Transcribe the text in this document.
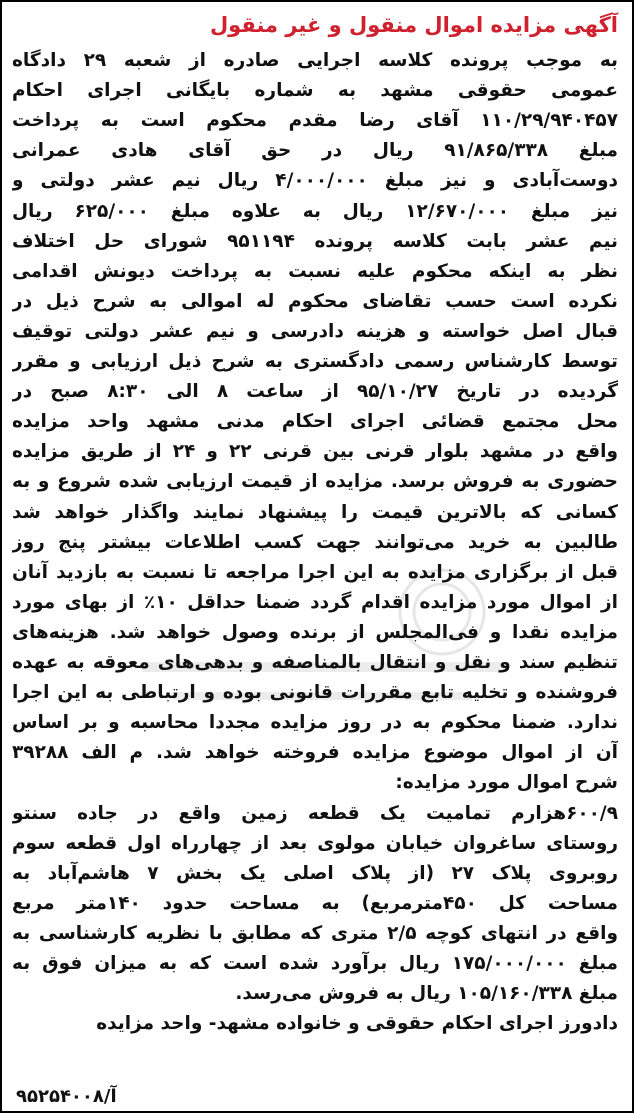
آگهی مزایده اموال منقول و غیر منقول

به موجب پرونده کلاسه اجرایی صادره از شعبه ۲۹ دادگاه

عمومی حقوقی مشهد به شماره بایگانی اجرای احکام

۱۱۰/۲۹/۹۴۰۴۵۷ آقای رضا مقدم محکوم است به پرداخت

مبلغ ۹۱/۸۶۵/۳۳۸ ریال در حق آقای هادی عمرانی

دوست‌آبادی و نیز مبلغ ۴/۰۰۰/۰۰۰ ریال نیم عشر دولتی و

نیز مبلغ ۱۲/۶۷۰/۰۰۰ ریال به علاوه مبلغ ۶۲۵/۰۰۰ ریال

نیم عشر بابت کلاسه پرونده ۹۵۱۱۹۴ شورای حل اختلاف

نظر به اینکه محکوم علیه نسبت به پرداخت دیونش اقدامی

نکرده است حسب تقاضای محکوم له اموالی به شرح ذیل در

قبال اصل خواسته و هزینه دادرسی و نیم عشر دولتی توقیف

توسط کارشناس رسمی دادگستری به شرح ذیل ارزیابی و مقرر

گردیده در تاریخ ۹۵/۱۰/۲۷ از ساعت ۸ الی ۸:۳۰ صبح در

محل مجتمع قضائی اجرای احکام مدنی مشهد واحد مزایده

واقع در مشهد بلوار قرنی بین قرنی ۲۲ و ۲۴ از طریق مزایده

حضوری به فروش برسد. مزایده از قیمت ارزیابی شده شروع و به

کسانی که بالاترین قیمت را پیشنهاد نمایند واگذار خواهد شد

طالبین به خرید می‌توانند جهت کسب اطلاعات بیشتر پنج روز

قبل از برگزاری مزایده به این اجرا مراجعه تا نسبت به بازدید آنان

از اموال مورد مزایده اقدام گردد ضمنا حداقل ۱۰٪ از بهای مورد

مزایده نقدا و فی‌المجلس از برنده وصول خواهد شد. هزینه‌های

تنظیم سند و نقل و انتقال بالمناصفه و بدهی‌های معوقه به عهده

فروشنده و تخلیه تابع مقررات قانونی بوده و ارتباطی به این اجرا

ندارد. ضمنا محکوم به در روز مزایده مجددا محاسبه و بر اساس

آن از اموال موضوع مزایده فروخته خواهد شد. م الف ۳۹۲۸۸

شرح اموال مورد مزایده:

۶۰۰/۹هزارم تمامیت یک قطعه زمین واقع در جاده سنتو

روستای ساغروان خیابان مولوی بعد از چهارراه اول قطعه سوم

روبروی پلاک ۲۷ (از پلاک اصلی یک بخش ۷ هاشم‌آباد به

مساحت کل ۴۵۰مترمربع) به مساحت حدود ۱۴۰متر مربع

واقع در انتهای کوچه ۲/۵ متری که مطابق با نظریه کارشناسی به

مبلغ ۱۷۵/۰۰۰/۰۰۰ ریال برآورد شده است که به میزان فوق به

مبلغ ۱۰۵/۱۶۰/۳۳۸ ریال به فروش می‌رسد.

دادورز اجرای احکام حقوقی و خانواده مشهد- واحد مزایده

آ/۹۵۲۵۴۰۰۸
